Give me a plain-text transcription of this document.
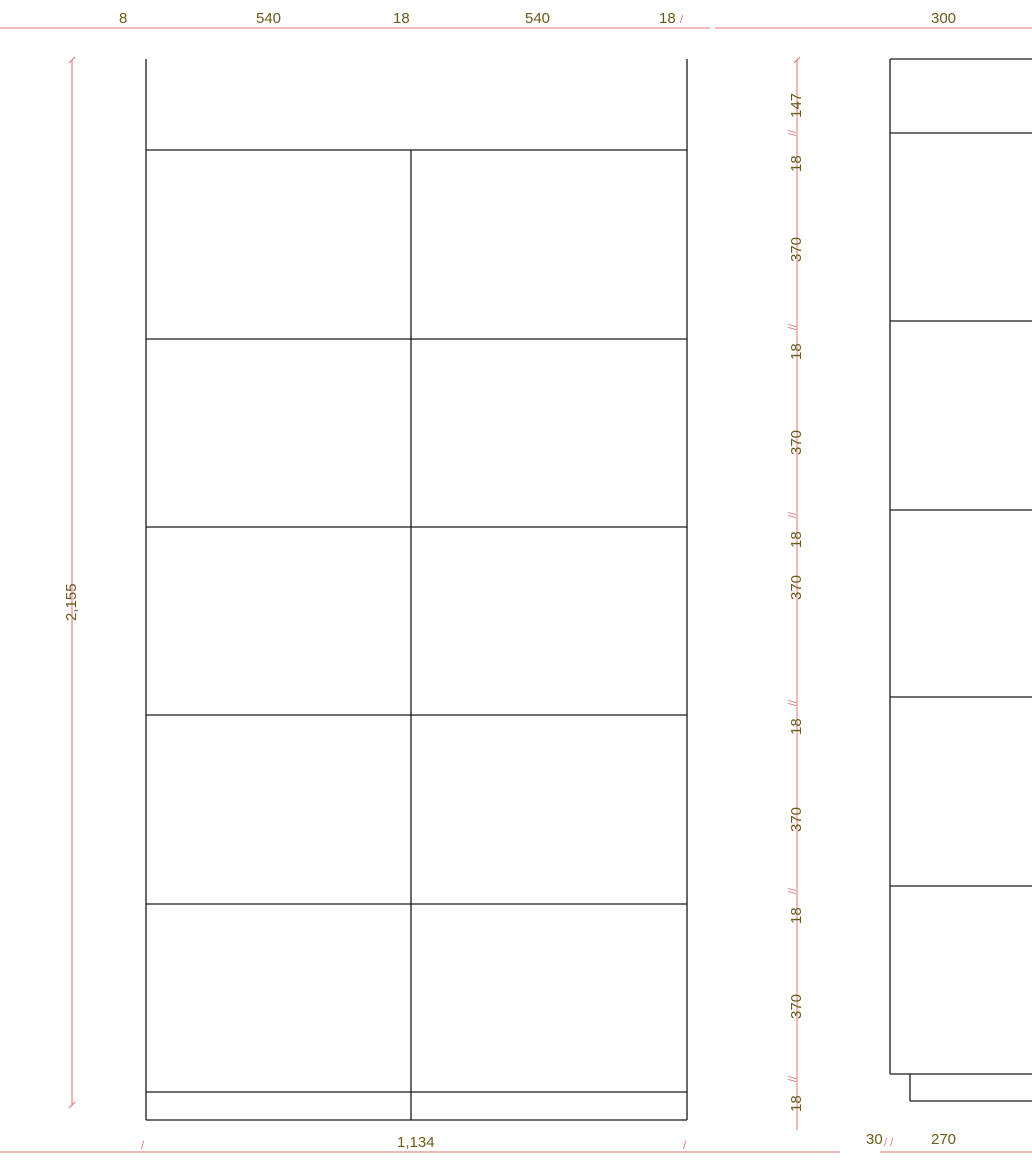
8	540	18	540	18 /	300
2,155
147
18
370
18
370
18
370
18
370
18
370
18
//
//
//
//
//
//
/	1,134	/	30 / /	270
